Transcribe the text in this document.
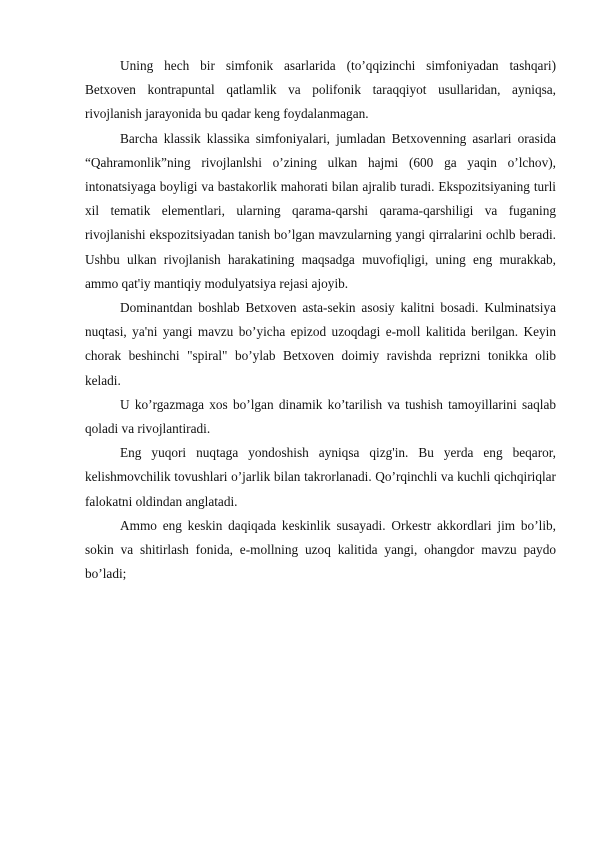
Uning hech bir simfonik asarlarida (to’qqizinchi simfoniyadan tashqari) Betxoven kontrapuntal qatlamlik va polifonik taraqqiyot usullaridan, ayniqsa, rivojlanish jarayonida bu qadar keng foydalanmagan.

Barcha klassik klassika simfoniyalari, jumladan Betxovenning asarlari orasida “Qahramonlik”ning rivojlanlshi o’zining ulkan hajmi (600 ga yaqin o’lchov), intonatsiyaga boyligi va bastakorlik mahorati bilan ajralib turadi. Ekspozitsiyaning turli xil tematik elementlari, ularning qarama-qarshi qarama-qarshiligi va fuganing rivojlanishi ekspozitsiyadan tanish bo’lgan mavzularning yangi qirralarini ochlb beradi. Ushbu ulkan rivojlanish harakatining maqsadga muvofiqligi, uning eng murakkab, ammo qat'iy mantiqiy modulyatsiya rejasi ajoyib.

Dominantdan boshlab Betxoven asta-sekin asosiy kalitni bosadi. Kulminatsiya nuqtasi, ya'ni yangi mavzu bo’yicha epizod uzoqdagi e-moll kalitida berilgan. Keyin chorak beshinchi "spiral" bo’ylab Betxoven doimiy ravishda reprizni tonikka olib keladi.

U ko’rgazmaga xos bo’lgan dinamik ko’tarilish va tushish tamoyillarini saqlab qoladi va rivojlantiradi.

Eng yuqori nuqtaga yondoshish ayniqsa qizg'in. Bu yerda eng beqaror, kelishmovchilik tovushlari o’jarlik bilan takrorlanadi. Qo’rqinchli va kuchli qichqiriqlar falokatni oldindan anglatadi.

Ammo eng keskin daqiqada keskinlik susayadi. Orkestr akkordlari jim bo’lib, sokin va shitirlash fonida, e-mollning uzoq kalitida yangi, ohangdor mavzu paydo bo’ladi;
